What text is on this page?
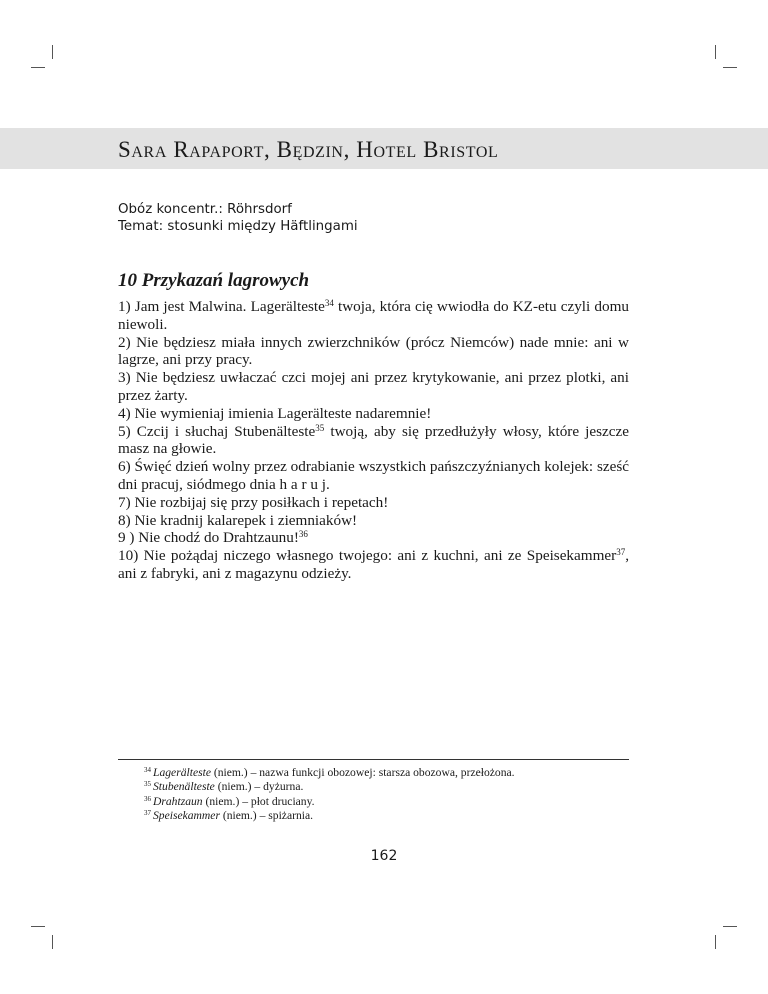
Sara Rapaport, Będzin, Hotel Bristol
Obóz koncentr.: Röhrsdorf
Temat: stosunki między Häftlingami
10 Przykazań lagrowych

1) Jam jest Malwina. Lagerälteste$^{34}$ twoja, która cię wwiodła do KZ-etu czyli domu niewoli.

2) Nie będziesz miała innych zwierzchników (prócz Niemców) nade mnie: ani w lagrze, ani przy pracy.

3) Nie będziesz uwłaczać czci mojej ani przez krytykowanie, ani przez plotki, ani przez żarty.

4) Nie wymieniaj imienia Lagerälteste nadaremnie!

5) Czcij i słuchaj Stubenälteste$^{35}$ twoją, aby się przedłużyły włosy, które jeszcze masz na głowie.

6) Święć dzień wolny przez odrabianie wszystkich pańszczyźnianych kolejek: sześć dni pracuj, siódmego dnia h a r u j.

7) Nie rozbijaj się przy posiłkach i repetach!

8) Nie kradnij kalarepek i ziemniaków!

9 ) Nie chodź do Drahtzaunu!$^{36}$

10) Nie pożądaj niczego własnego twojego: ani z kuchni, ani ze Speisekammer$^{37}$, ani z fabryki, ani z magazynu odzieży.

$^{34}$ Lagerälteste (niem.) – nazwa funkcji obozowej: starsza obozowa, przełożona.
$^{35}$ Stubenälteste (niem.) – dyżurna.
$^{36}$ Drahtzaun (niem.) – płot druciany.
$^{37}$ Speisekammer (niem.) – spiżarnia.
162
